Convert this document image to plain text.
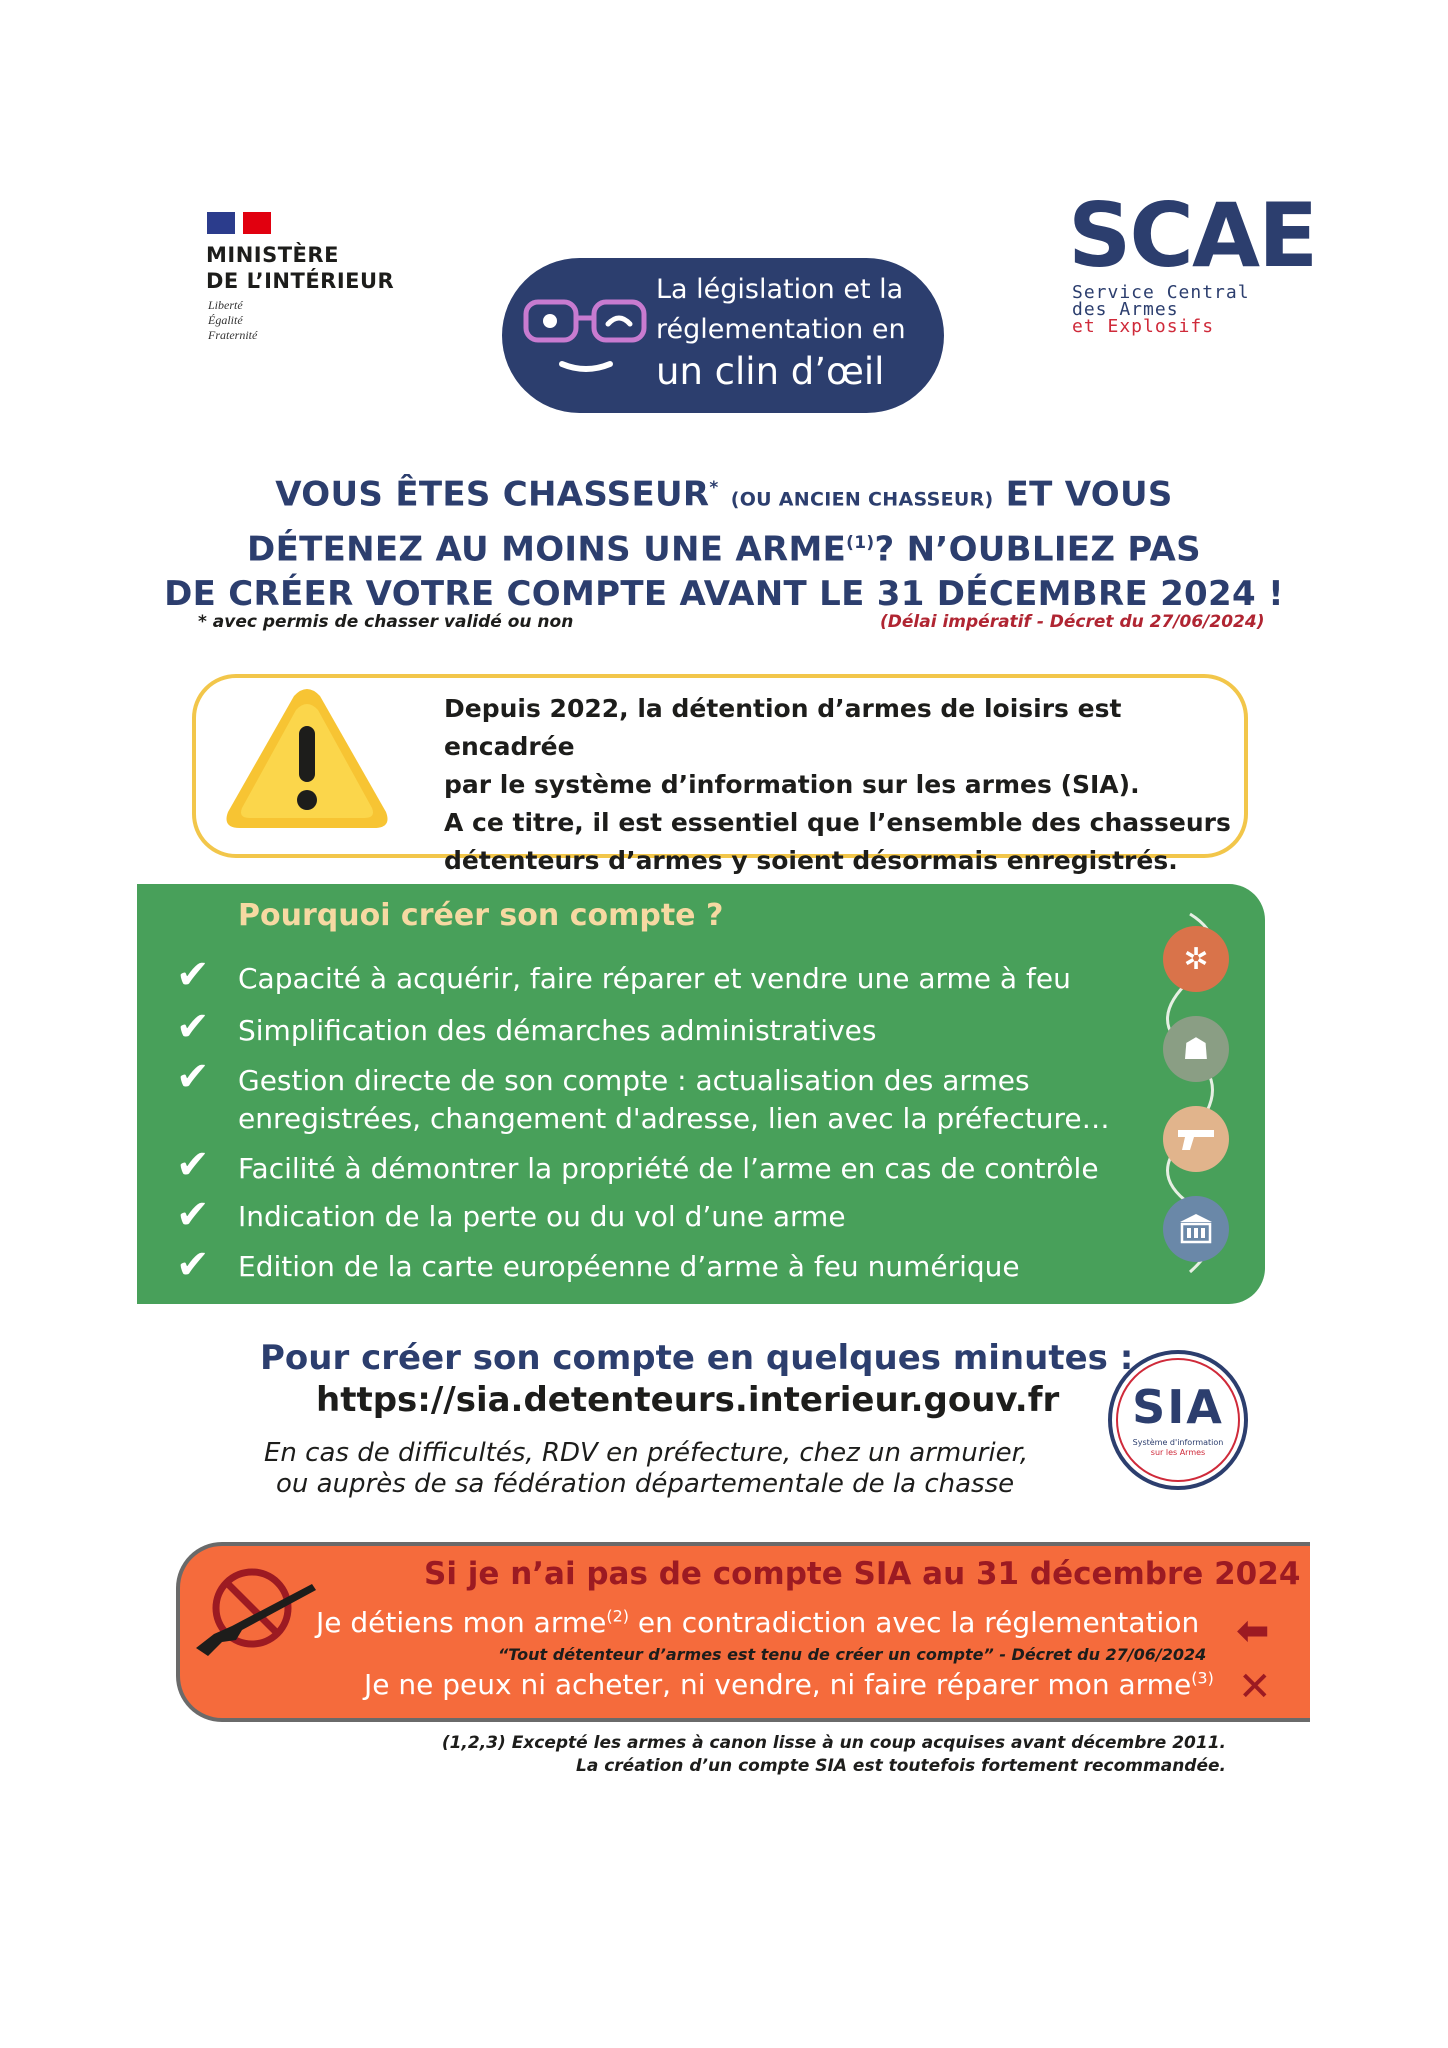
MINISTÈRE
DE L’INTÉRIEUR
Liberté
Égalité
Fraternité
La législation et la
réglementation en
un clin d’œil
SCAE
Service Central
des Armes
et Explosifs
VOUS ÊTES CHASSEUR* (OU ANCIEN CHASSEUR) ET VOUS
DÉTENEZ AU MOINS UNE ARME$^{(1)}$? N’OUBLIEZ PAS
DE CRÉER VOTRE COMPTE AVANT LE 31 DÉCEMBRE 2024 !
* avec permis de chasser validé ou non	(Délai impératif - Décret du 27/06/2024)
Depuis 2022, la détention d’armes de loisirs est encadrée
par le système d’information sur les armes (SIA).
A ce titre, il est essentiel que l’ensemble des chasseurs
détenteurs d’armes y soient désormais enregistrés.
Pourquoi créer son compte ?
✔ Capacité à acquérir, faire réparer et vendre une arme à feu
✔ Simplification des démarches administratives
✔ Gestion directe de son compte : actualisation des armes
enregistrées, changement d'adresse, lien avec la préfecture…
✔ Facilité à démontrer la propriété de l’arme en cas de contrôle
✔ Indication de la perte ou du vol d’une arme
✔ Edition de la carte européenne d’arme à feu numérique
✲
☗
Pour créer son compte en quelques minutes :
https://sia.detenteurs.interieur.gouv.fr
En cas de difficultés, RDV en préfecture, chez un armurier,
ou auprès de sa fédération départementale de la chasse
SIA
Système d'information
sur les Armes
Si je n’ai pas de compte SIA au 31 décembre 2024
Je détiens mon arme$^{(2)}$ en contradiction avec la réglementation
“Tout détenteur d’armes est tenu de créer un compte” - Décret du 27/06/2024
Je ne peux ni acheter, ni vendre, ni faire réparer mon arme$^{(3)}$
⬅
✕
(1,2,3) Excepté les armes à canon lisse à un coup acquises avant décembre 2011.
La création d’un compte SIA est toutefois fortement recommandée.
